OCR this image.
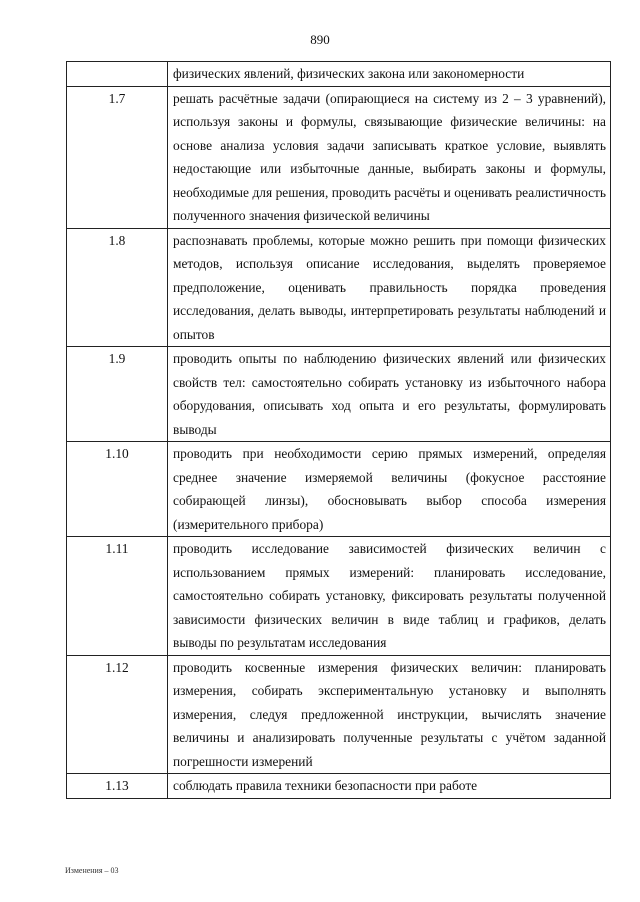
890
	физических явлений, физических закона или закономерности
1.7	решать расчётные задачи (опирающиеся на систему из 2 – 3 уравнений), используя законы и формулы, связывающие физические величины: на основе анализа условия задачи записывать краткое условие, выявлять недостающие или избыточные данные, выбирать законы и формулы, необходимые для решения, проводить расчёты и оценивать реалистичность полученного значения физической величины
1.8	распознавать проблемы, которые можно решить при помощи физических методов, используя описание исследования, выделять проверяемое предположение, оценивать правильность порядка проведения исследования, делать выводы, интерпретировать результаты наблюдений и опытов
1.9	проводить опыты по наблюдению физических явлений или физических свойств тел: самостоятельно собирать установку из избыточного набора оборудования, описывать ход опыта и его результаты, формулировать выводы
1.10	проводить при необходимости серию прямых измерений, определяя среднее значение измеряемой величины (фокусное расстояние собирающей линзы), обосновывать выбор способа измерения (измерительного прибора)
1.11	проводить исследование зависимостей физических величин с использованием прямых измерений: планировать исследование, самостоятельно собирать установку, фиксировать результаты полученной зависимости физических величин в виде таблиц и графиков, делать выводы по результатам исследования
1.12	проводить косвенные измерения физических величин: планировать измерения, собирать экспериментальную установку и выполнять измерения, следуя предложенной инструкции, вычислять значение величины и анализировать полученные результаты с учётом заданной погрешности измерений
1.13	соблюдать правила техники безопасности при работе
Изменения – 03
